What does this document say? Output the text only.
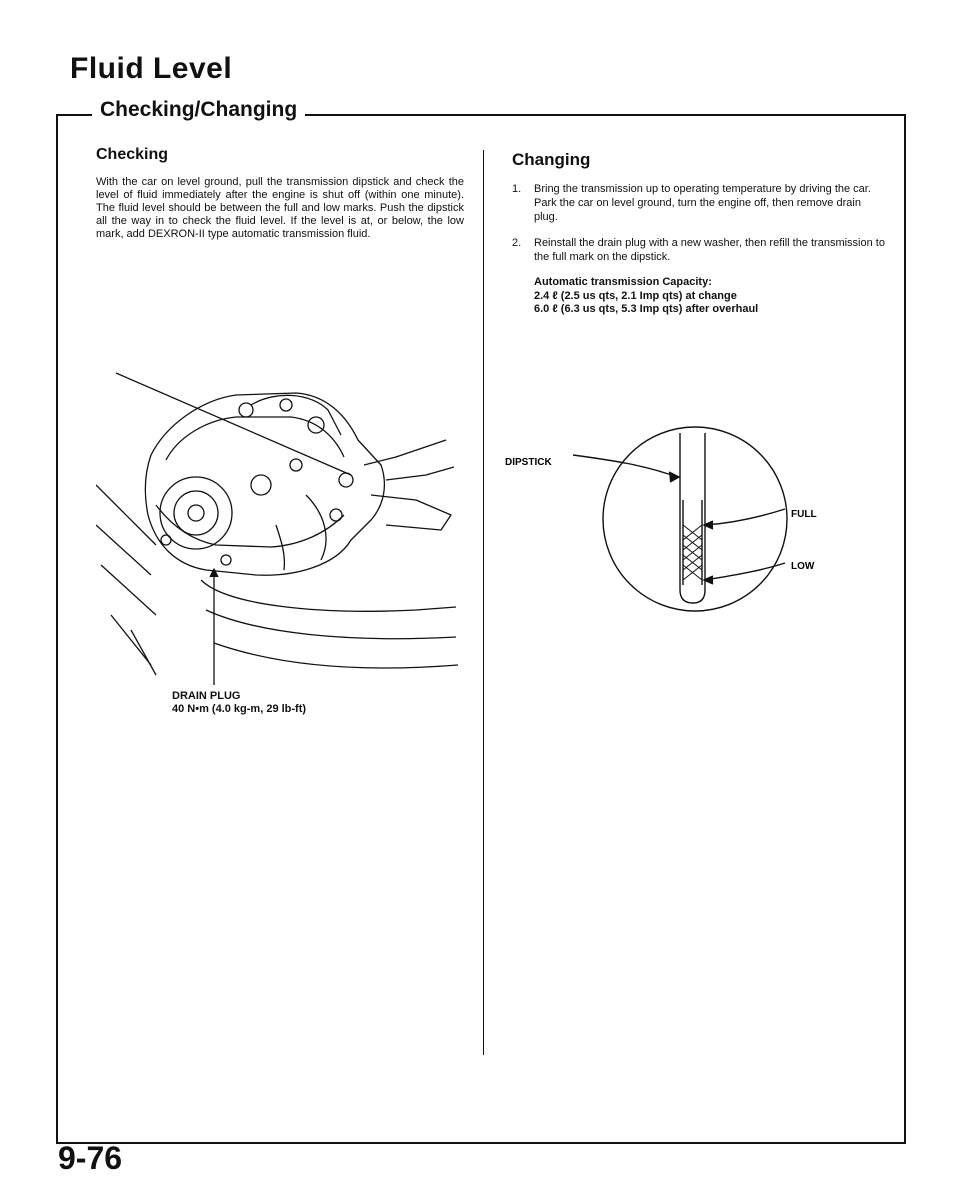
Fluid Level
Checking/Changing
Checking

With the car on level ground, pull the transmission dipstick and check the level of fluid immediately after the engine is shut off (within one minute). The fluid level should be between the full and low marks. Push the dipstick all the way in to check the fluid level. If the level is at, or below, the low mark, add DEXRON-II type automatic transmission fluid.

DRAIN PLUG
40 N•m (4.0 kg-m, 29 lb-ft)
Changing
1.	Bring the transmission up to operating temperature by driving the car. Park the car on level ground, turn the engine off, then remove drain plug.
2.	Reinstall the drain plug with a new washer, then refill the transmission to the full mark on the dipstick.
Automatic transmission Capacity:
2.4 ℓ (2.5 us qts, 2.1 Imp qts) at change
6.0 ℓ (6.3 us qts, 5.3 Imp qts) after overhaul
DIPSTICK
FULL
LOW
9-76
